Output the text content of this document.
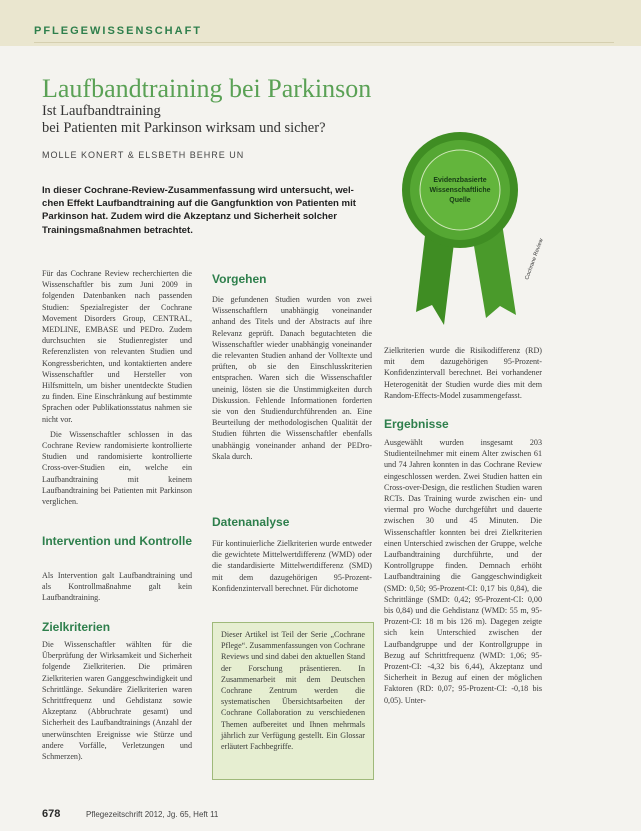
PFLEGEWISSENSCHAFT
Laufbandtraining bei Parkinson
Ist Laufbandtraining
bei Patienten mit Parkinson wirksam und sicher?
MOLLE KONERT & ELSBETH BEHRE UN
In dieser Cochrane-Review-Zusammenfassung wird untersucht, wel-chen Effekt Laufbandtraining auf die Gangfunktion von Patienten mit Parkinson hat. Zudem wird die Akzeptanz und Sicherheit solcher Trainingsmaßnahmen betrachtet.
Evidenzbasierte
Wissenschaftliche
Quelle
Cochrane Review

Für das Cochrane Review recherchierten die Wissenschaftler bis zum Juni 2009 in folgenden Datenbanken nach passenden Studien: Spezialregister der Cochrane Movement Disorders Group, CENTRAL, MEDLINE, EMBASE und PEDro. Zudem durchsuchten sie Studienregister und Referenzlisten von relevanten Studien und Kongressberichten, und kontaktierten andere Wissenschaftler und Hersteller von Hilfsmitteln, um bisher unentdeckte Studien zu finden. Eine Einschränkung auf bestimmte Sprachen oder Publikationsstatus nahmen sie nicht vor.

Die Wissenschaftler schlossen in das Cochrane Review randomisierte kontrollierte Studien und randomisierte kontrollierte Cross-over-Studien ein, welche ein Laufbandtraining mit keinem Laufbandtraining bei Patienten mit Parkinson verglichen.

Intervention und Kontrolle
Als Intervention galt Laufbandtraining und als Kontrollmaßnahme galt kein Laufbandtraining.
Zielkriterien
Die Wissenschaftler wählten für die Überprüfung der Wirksamkeit und Sicherheit folgende Zielkriterien. Die primären Zielkriterien waren Ganggeschwindigkeit und Schrittlänge. Sekundäre Zielkriterien waren Schrittfrequenz und Gehdistanz sowie Akzeptanz (Abbruchrate gesamt) und Sicherheit des Laufbandtrainings (Anzahl der unerwünschten Ereignisse wie Stürze und andere Vorfälle, Verletzungen und Schmerzen).
Vorgehen
Die gefundenen Studien wurden von zwei Wissenschaftlern unabhängig voneinander anhand des Titels und der Abstracts auf ihre Relevanz geprüft. Danach begutachteten die Wissenschaftler wieder unabhängig voneinander die relevanten Studien anhand der Volltexte und prüften, ob sie den Einschlusskriterien entsprachen. Waren sich die Wissenschaftler uneinig, lösten sie die Unstimmigkeiten durch Diskussion. Fehlende Informationen forderten sie von den Studiendurchführenden an. Eine Beurteilung der methodologischen Qualität der Studien führten die Wissenschaftler ebenfalls unabhängig voneinander anhand der PEDro-Skala durch.
Datenanalyse
Für kontinuierliche Zielkriterien wurde entweder die gewichtete Mittelwertdifferenz (WMD) oder die standardisierte Mittelwertdifferenz (SMD) mit dem dazugehörigen 95-Prozent-Konfidenzintervall berechnet. Für dichotome

Dieser Artikel ist Teil der Serie „Cochrane Pflege“. Zusammenfassungen von Cochrane Reviews und sind dabei den aktuellen Stand der Forschung präsentieren. In Zusammenarbeit mit dem Deutschen Cochrane Zentrum werden die systematischen Übersichtsarbeiten der Cochrane Collaboration zu verschiedenen Themen aufbereitet und Ihnen mehrmals jährlich zur Verfügung gestellt. Ein Glossar erläutert Fachbegriffe.

Zielkriterien wurde die Risikodifferenz (RD) mit dem dazugehörigen 95-Prozent-Konfidenzintervall berechnet. Bei vorhandener Heterogenität der Studien wurde dies mit dem Random-Effects-Model zusammengefasst.
Ergebnisse
Ausgewählt wurden insgesamt 203 Studienteilnehmer mit einem Alter zwischen 61 und 74 Jahren konnten in das Cochrane Review eingeschlossen werden. Zwei Studien hatten ein Cross-over-Design, die restlichen Studien waren RCTs. Das Training wurde zwischen ein- und viermal pro Woche durchgeführt und dauerte zwischen 30 und 45 Minuten. Die Wissenschaftler konnten bei drei Zielkriterien einen Unterschied zwischen der Gruppe, welche Laufbandtraining durchführte, und der Kontrollgruppe finden. Demnach erhöht Laufbandtraining die Ganggeschwindigkeit (SMD: 0,50; 95-Prozent-CI: 0,17 bis 0,84), die Schrittlänge (SMD: 0,42; 95-Prozent-CI: 0,00 bis 0,84) und die Gehdistanz (WMD: 55 m, 95-Prozent-CI: 18 m bis 126 m). Dagegen zeigte sich kein Unterschied zwischen der Laufbandgruppe und der Kontrollgruppe in Bezug auf Schrittfrequenz (WMD: 1,06; 95-Prozent-CI: -4,32 bis 6,44), Akzeptanz und Sicherheit in Bezug auf einen der möglichen Faktoren (RD: 0,07; 95-Prozent-CI: -0,18 bis 0,05). Unter-
678	Pflegezeitschrift 2012, Jg. 65, Heft 11
